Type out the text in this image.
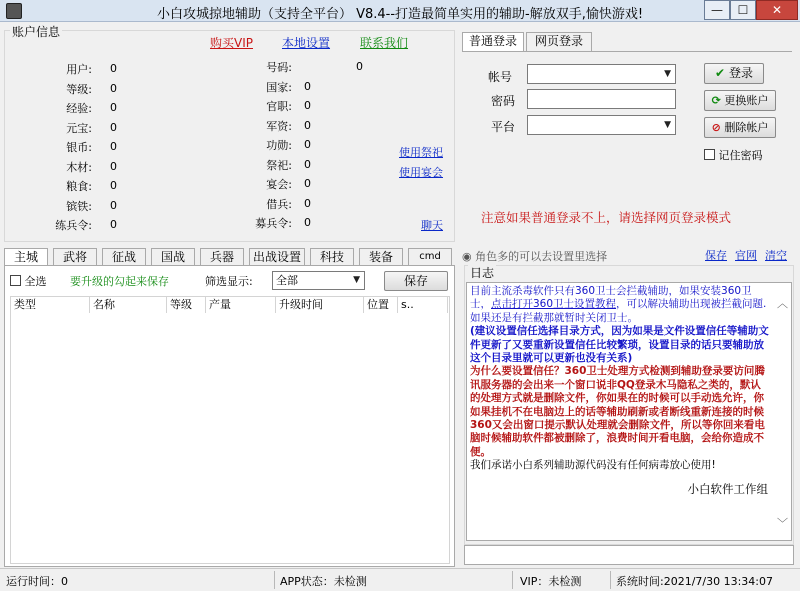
小白攻城掠地辅助（支持全平台） V8.4--打造最简单实用的辅助-解放双手,愉快游戏!	—	☐	✕
账户信息
购买VIP 本地设置 联系我们
用户: 0
等级: 0
经验: 0
元宝: 0
银币: 0
木材: 0
粮食: 0
镔铁: 0
练兵令: 0
号码:	0
国家: 0
官职: 0
军资: 0
功勋: 0
祭祀: 0
宴会: 0
借兵: 0
募兵令: 0
使用祭祀
使用宴会
聊天
普通登录	网页登录
帐号	▼
密码
平台	▼
✔ 登录
⟳ 更换账户
⊘ 删除帐户
记住密码
注意如果普通登录不上，请选择网页登录模式
主城	武将	征战	国战	兵器	出战设置	科技	装备	cmd
全选 要升级的勾起来保存	筛选显示:	全部	▼	保存
类型	名称	等级	产量	升级时间	位置	s..
◉ 角色多的可以去设置里选择	保存 官网 清空
日志
目前主流杀毒软件只有360卫士会拦截辅助，如果安装360卫士，点击打开360卫士设置教程，可以解决辅助出现被拦截问题.如果还是有拦截那就暂时关闭卫士。
(建议设置信任选择目录方式，因为如果是文件设置信任等辅助文件更新了又要重新设置信任比较繁琐，设置目录的话只要辅助放这个目录里就可以更新也没有关系)
为什么要设置信任？360卫士处理方式检测到辅助登录要访问腾讯服务器的会出来一个窗口说非QQ登录木马隐私之类的，默认的处理方式就是删除文件，你如果在的时候可以手动选允许，你如果挂机不在电脑边上的话等辅助刷新或者断线重新连接的时候360又会出窗口提示默认处理就会删除文件，所以等你回来看电脑时候辅助软件都被删除了，浪费时间开看电脑，会给你造成不便。
我们承诺小白系列辅助源代码没有任何病毒放心使用!
小白软件工作组
︿
﹀
运行时间：0	APP状态：未检测	VIP：未检测	系统时间:2021/7/30 13:34:07
